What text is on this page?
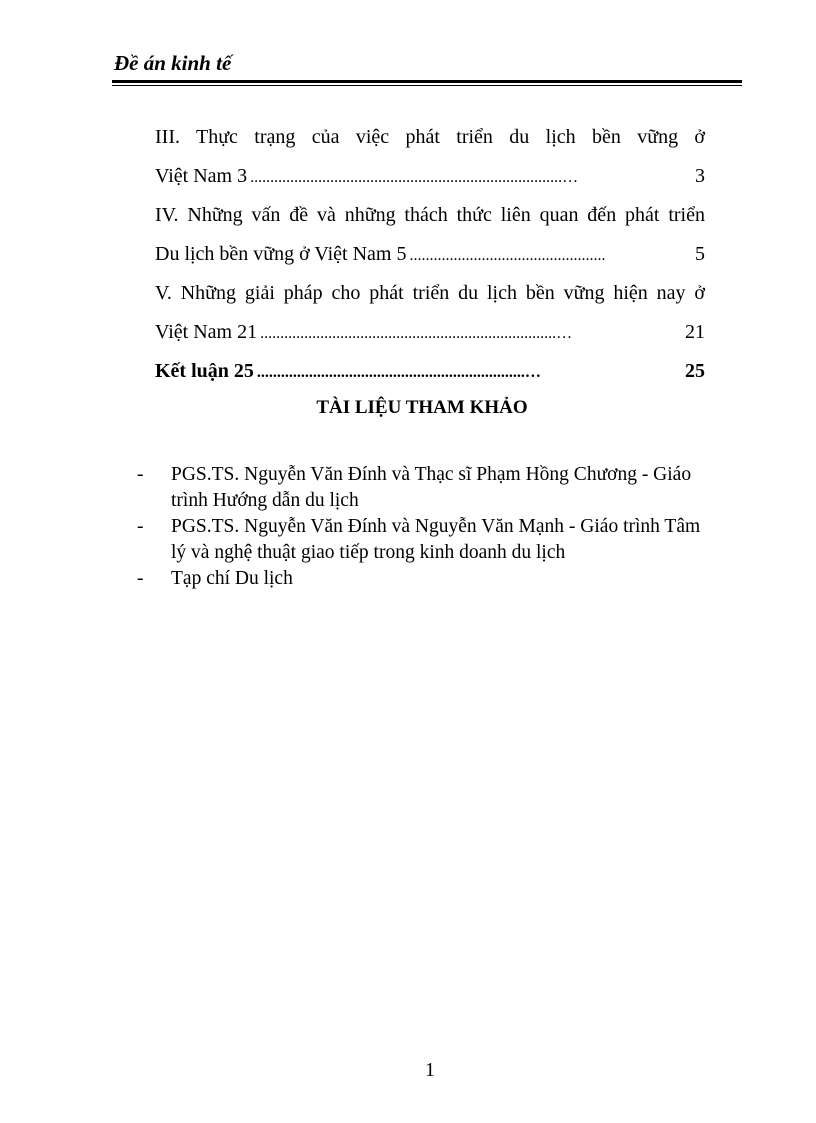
Đề án kinh tế
III. Thực trạng của việc phát triển du lịch bền vững ở
Việt Nam 3 ..............................................................................…	3
IV. Những vấn đề và những thách thức liên quan đến phát triển
Du lịch bền vững ở Việt Nam 5 .................................................	5
V. Những giải pháp cho phát triển du lịch bền vững hiện nay ở
Việt Nam 21 ..........................................................................…	21
Kết luận 25 ...................................................................…	25
TÀI LIỆU THAM KHẢO
-	PGS.TS. Nguyễn Văn Đính và Thạc sĩ Phạm Hồng Chương - Giáo trình Hướng dẫn du lịch
-	PGS.TS. Nguyễn Văn Đính và Nguyễn Văn Mạnh - Giáo trình Tâm lý và nghệ thuật giao tiếp trong kinh doanh du lịch
-	Tạp chí Du lịch
1
